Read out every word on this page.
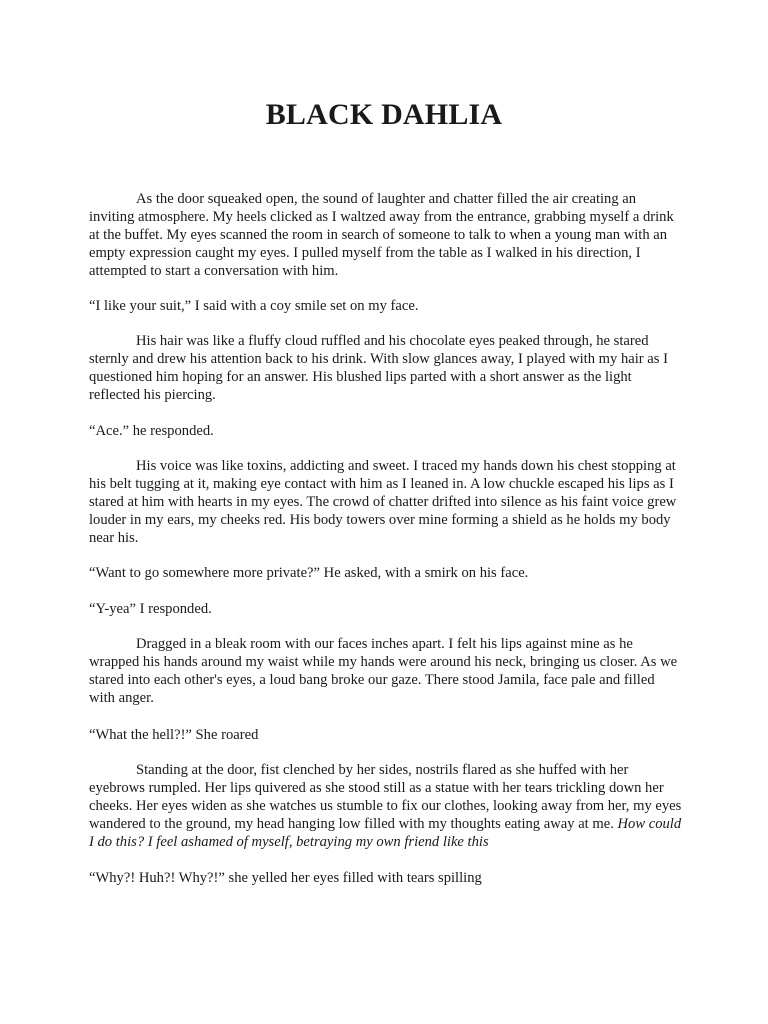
BLACK DAHLIA

As the door squeaked open, the sound of laughter and chatter filled the air creating an inviting atmosphere. My heels clicked as I waltzed away from the entrance, grabbing myself a drink at the buffet. My eyes scanned the room in search of someone to talk to when a young man with an empty expression caught my eyes. I pulled myself from the table as I walked in his direction, I attempted to start a conversation with him.

“I like your suit,” I said with a coy smile set on my face.

His hair was like a fluffy cloud ruffled and his chocolate eyes peaked through, he stared sternly and drew his attention back to his drink. With slow glances away, I played with my hair as I questioned him hoping for an answer. His blushed lips parted with a short answer as the light reflected his piercing.

“Ace.” he responded.

His voice was like toxins, addicting and sweet. I traced my hands down his chest stopping at his belt tugging at it, making eye contact with him as I leaned in. A low chuckle escaped his lips as I stared at him with hearts in my eyes. The crowd of chatter drifted into silence as his faint voice grew louder in my ears, my cheeks red. His body towers over mine forming a shield as he holds my body near his.

“Want to go somewhere more private?” He asked, with a smirk on his face.

“Y-yea” I responded.

Dragged in a bleak room with our faces inches apart. I felt his lips against mine as he wrapped his hands around my waist while my hands were around his neck, bringing us closer. As we stared into each other's eyes, a loud bang broke our gaze. There stood Jamila, face pale and filled with anger.

“What the hell?!” She roared

Standing at the door, fist clenched by her sides, nostrils flared as she huffed with her eyebrows rumpled. Her lips quivered as she stood still as a statue with her tears trickling down her cheeks. Her eyes widen as she watches us stumble to fix our clothes, looking away from her, my eyes wandered to the ground, my head hanging low filled with my thoughts eating away at me. How could I do this? I feel ashamed of myself, betraying my own friend like this

“Why?! Huh?! Why?!” she yelled her eyes filled with tears spilling
